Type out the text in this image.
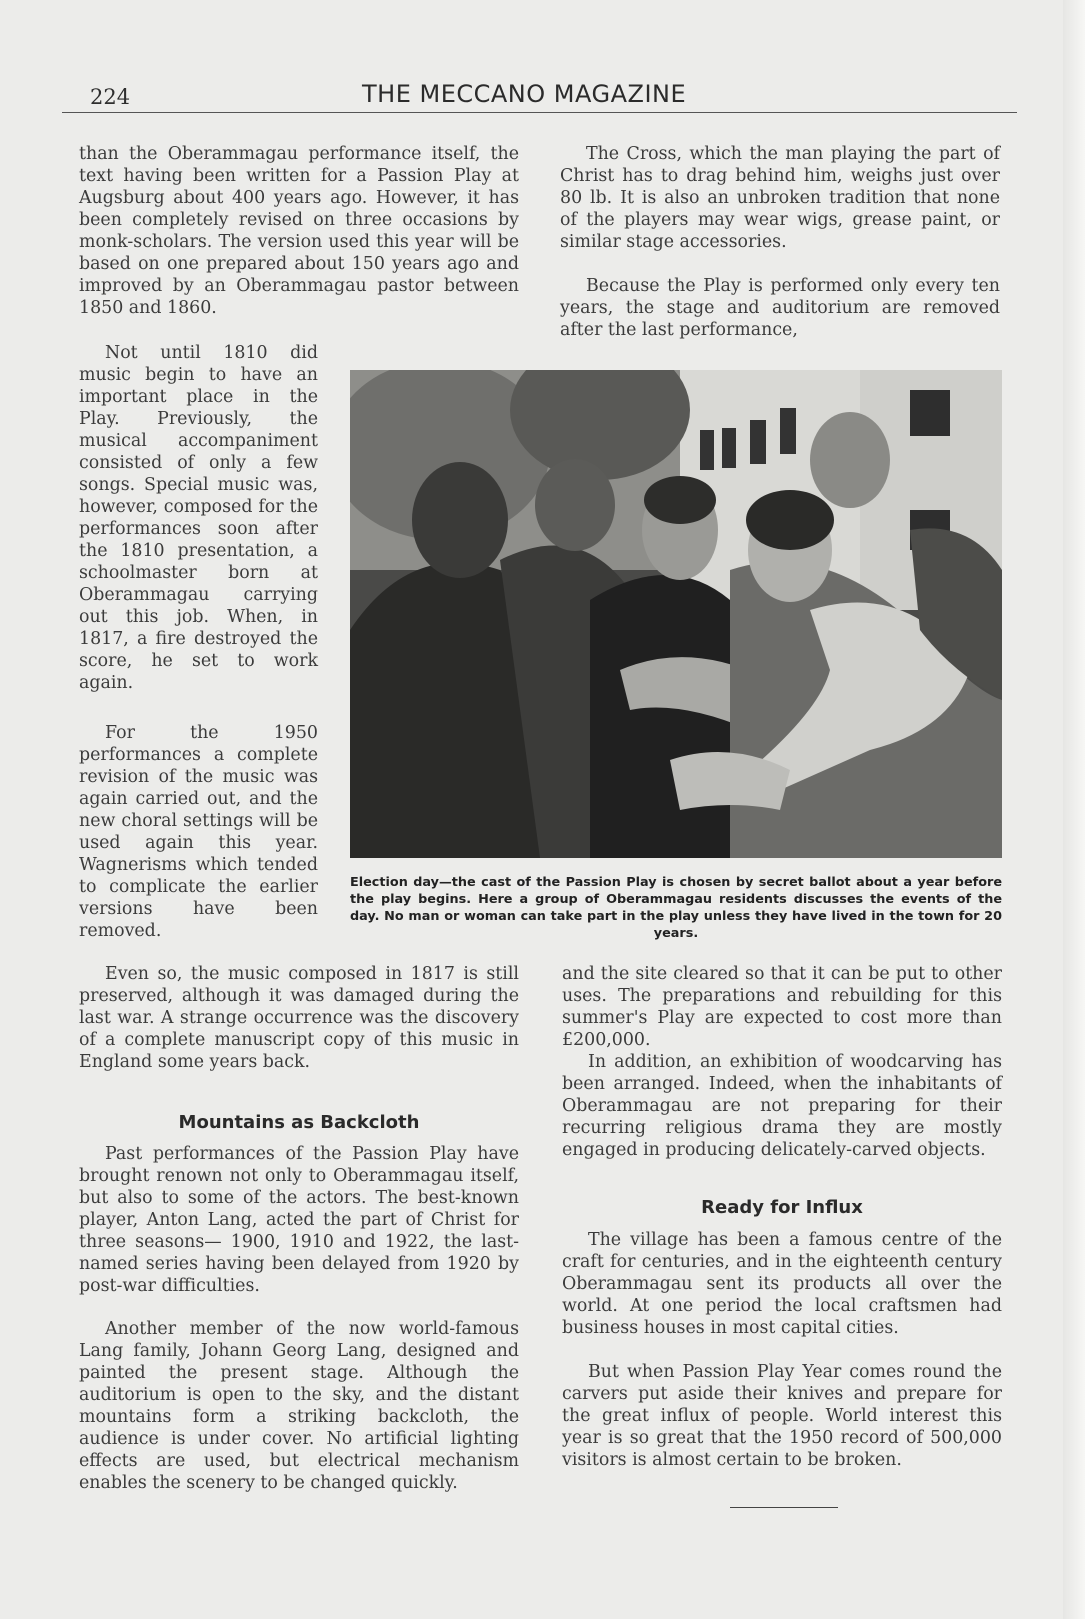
224	THE MECCANO MAGAZINE

than the Oberammagau performance itself, the text having been written for a Passion Play at Augsburg about 400 years ago. However, it has been completely revised on three occasions by monk-scholars. The version used this year will be based on one prepared about 150 years ago and improved by an Oberammagau pastor between 1850 and 1860.

Not until 1810 did music begin to have an important place in the Play. Previously, the musical accompaniment consisted of only a few songs. Special music was, however, composed for the performances soon after the 1810 presentation, a schoolmaster born at Oberammagau carrying out this job. When, in 1817, a fire destroyed the score, he set to work again.

For the 1950 performances a complete revision of the music was again carried out, and the new choral settings will be used again this year. Wagnerisms which tended to complicate the earlier versions have been removed.

Even so, the music composed in 1817 is still preserved, although it was damaged during the last war. A strange occurrence was the discovery of a complete manuscript copy of this music in England some years back.

Mountains as Backcloth

Past performances of the Passion Play have brought renown not only to Oberammagau itself, but also to some of the actors. The best-known player, Anton Lang, acted the part of Christ for three seasons— 1900, 1910 and 1922, the last-named series having been delayed from 1920 by post-war difficulties.

Another member of the now world-famous Lang family, Johann Georg Lang, designed and painted the present stage. Although the auditorium is open to the sky, and the distant mountains form a striking backcloth, the audience is under cover. No artificial lighting effects are used, but electrical mechanism enables the scenery to be changed quickly.

The Cross, which the man playing the part of Christ has to drag behind him, weighs just over 80 lb. It is also an unbroken tradition that none of the players may wear wigs, grease paint, or similar stage accessories.

Because the Play is performed only every ten years, the stage and auditorium are removed after the last performance,

Election day—the cast of the Passion Play is chosen by secret ballot about a year before the play begins. Here a group of Oberammagau residents discusses the events of the day. No man or woman can take part in the play unless they have lived in the town for 20 years.

and the site cleared so that it can be put to other uses. The preparations and rebuilding for this summer's Play are expected to cost more than £200,000.

In addition, an exhibition of woodcarving has been arranged. Indeed, when the inhabitants of Oberammagau are not preparing for their recurring religious drama they are mostly engaged in producing delicately-carved objects.

Ready for Influx

The village has been a famous centre of the craft for centuries, and in the eighteenth century Oberammagau sent its products all over the world. At one period the local craftsmen had business houses in most capital cities.

But when Passion Play Year comes round the carvers put aside their knives and prepare for the great influx of people. World interest this year is so great that the 1950 record of 500,000 visitors is almost certain to be broken.
